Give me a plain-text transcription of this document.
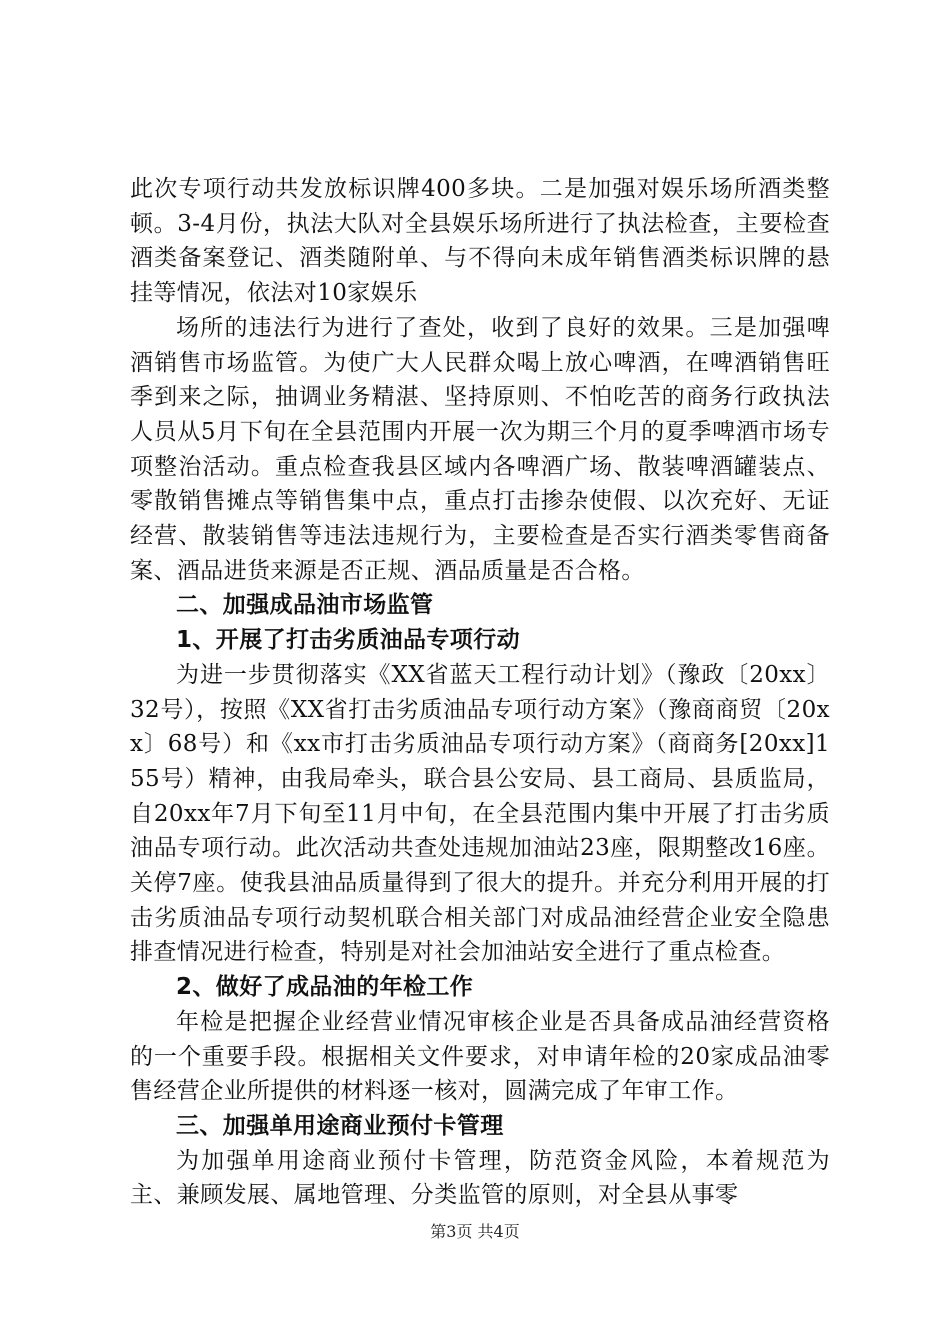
此次专项行动共发放标识牌400多块。二是加强对娱乐场所酒类整顿。3-4月份，执法大队对全县娱乐场所进行了执法检查，主要检查酒类备案登记、酒类随附单、与不得向未成年销售酒类标识牌的悬挂等情况，依法对10家娱乐

场所的违法行为进行了查处，收到了良好的效果。三是加强啤酒销售市场监管。为使广大人民群众喝上放心啤酒，在啤酒销售旺季到来之际，抽调业务精湛、坚持原则、不怕吃苦的商务行政执法人员从5月下旬在全县范围内开展一次为期三个月的夏季啤酒市场专项整治活动。重点检查我县区域内各啤酒广场、散装啤酒罐装点、零散销售摊点等销售集中点，重点打击掺杂使假、以次充好、无证经营、散装销售等违法违规行为，主要检查是否实行酒类零售商备案、酒品进货来源是否正规、酒品质量是否合格。

二、加强成品油市场监管

1、开展了打击劣质油品专项行动

为进一步贯彻落实《XX省蓝天工程行动计划》（豫政〔20xx〕32号），按照《XX省打击劣质油品专项行动方案》（豫商商贸〔20xx〕68号）和《xx市打击劣质油品专项行动方案》（商商务[20xx]155号）精神，由我局牵头，联合县公安局、县工商局、县质监局，自20xx年7月下旬至11月中旬，在全县范围内集中开展了打击劣质油品专项行动。此次活动共查处违规加油站23座，限期整改16座。关停7座。使我县油品质量得到了很大的提升。并充分利用开展的打击劣质油品专项行动契机联合相关部门对成品油经营企业安全隐患排查情况进行检查，特别是对社会加油站安全进行了重点检查。

2、做好了成品油的年检工作

年检是把握企业经营业情况审核企业是否具备成品油经营资格的一个重要手段。根据相关文件要求，对申请年检的20家成品油零售经营企业所提供的材料逐一核对，圆满完成了年审工作。

三、加强单用途商业预付卡管理

为加强单用途商业预付卡管理，防范资金风险，本着规范为主、兼顾发展、属地管理、分类监管的原则，对全县从事零

第3页 共4页
